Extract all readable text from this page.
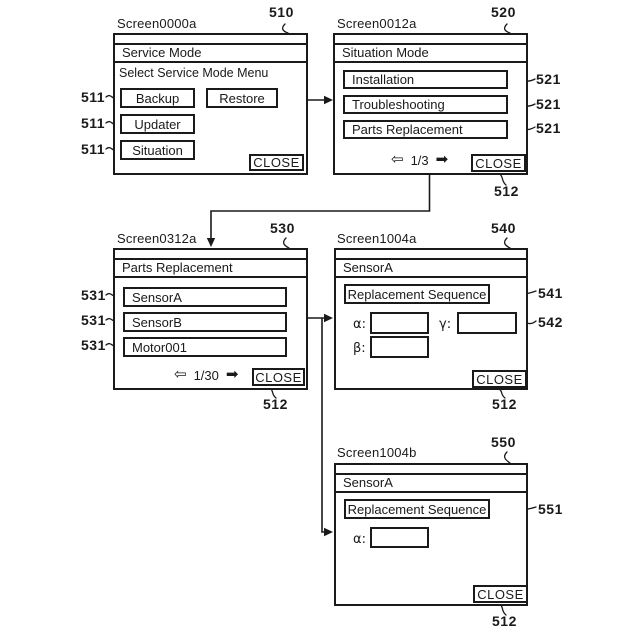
510	520
530	540
550
511
511
511
521
521
521
512
531
531
531
512
541
542
512
551
512
Screen0000a	Screen0012a
Screen0312a	Screen1004a
Screen1004b
Service Mode
Select Service Mode Menu
Backup	Restore
Updater
Situation
CLOSE
Situation Mode
Installation
Troubleshooting
Parts Replacement
⇦ 1/3 ➡	CLOSE
Parts Replacement
SensorA
SensorB
Motor001
⇦ 1/30 ➡ CLOSE
SensorA
Replacement Sequence
α:	γ:
β:
CLOSE
SensorA
Replacement Sequence
α:
CLOSE
